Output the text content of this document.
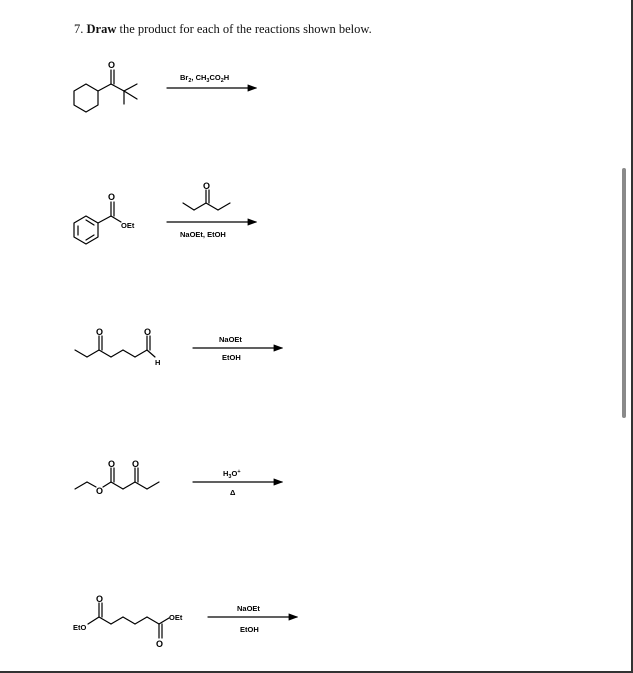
7. Draw the product for each of the reactions shown below.
O
$Br_2$, $CH_3CO_2H$
O
OEt
O
NaOEt, EtOH
O	O
H
NaOEt
EtOH
O
O O
$H_3O^+$
Δ
EtO
O
O
OEt
NaOEt
EtOH
